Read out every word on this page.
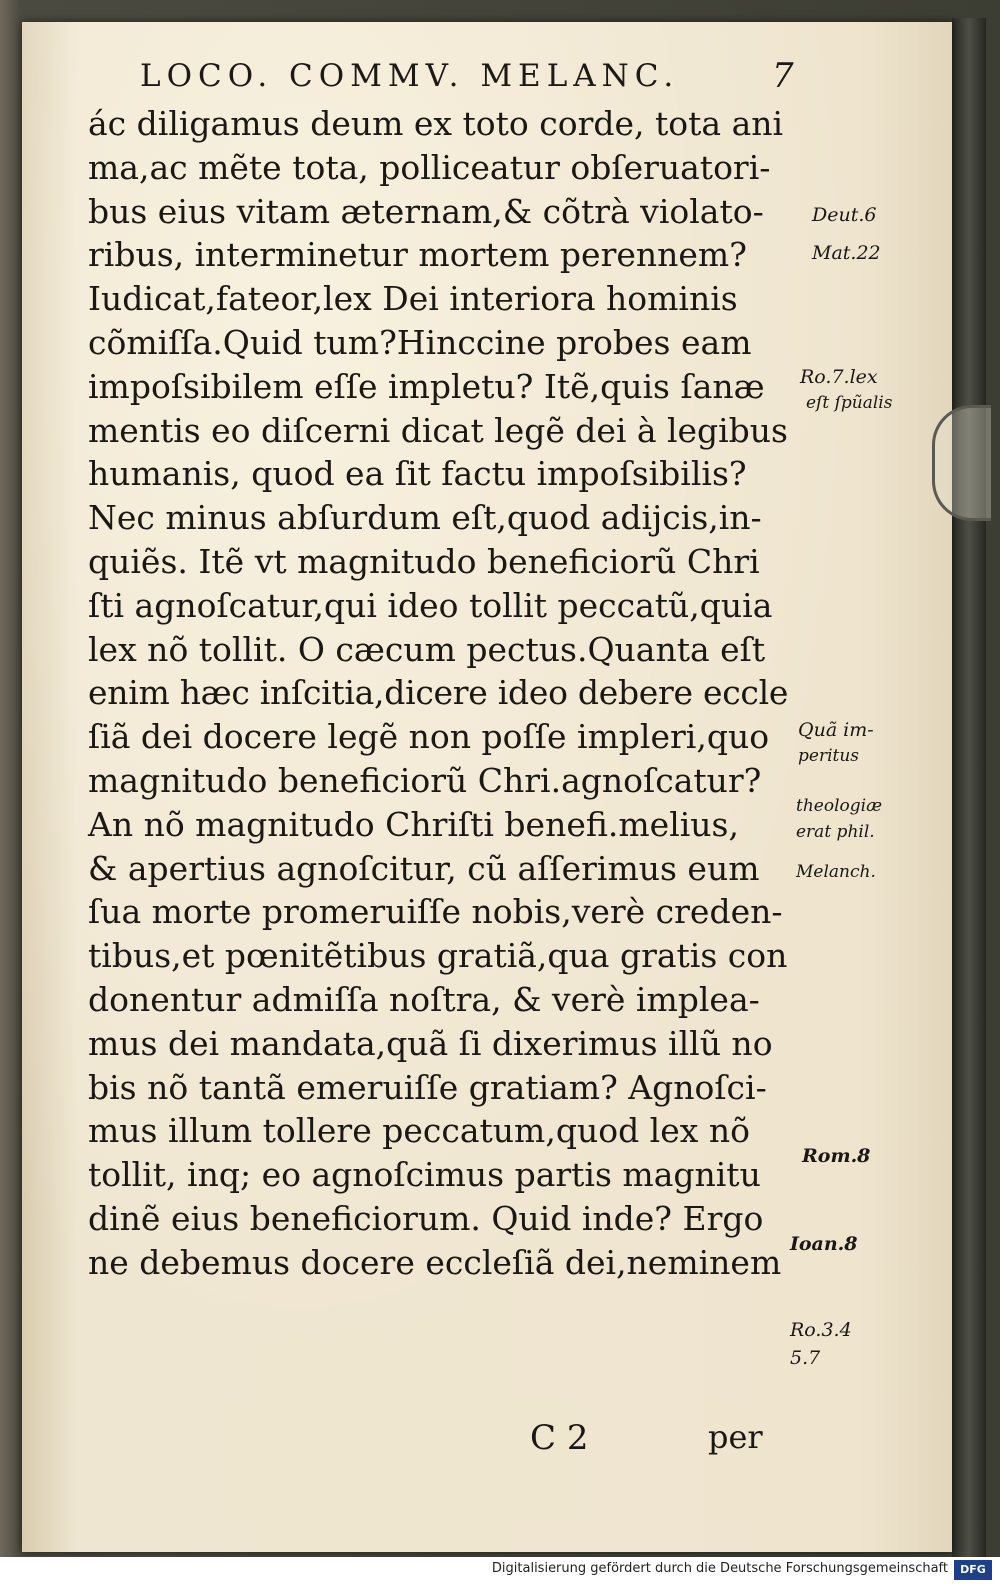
LOCO. COMMV. MELANC.	7
ác diligamus deum ex toto corde, tota ani
ma,ac mẽte tota, polliceatur obſeruatori-
bus eius vitam æternam,& cõtrà violato-
ribus, interminetur mortem perennem?
Iudicat,fateor,lex Dei interiora hominis
cõmiſſa.Quid tum?Hinccine probes eam
impoſsibilem eſſe impletu? Itẽ,quis ſanæ
mentis eo diſcerni dicat legẽ dei à legibus
humanis, quod ea ſit factu impoſsibilis?
Nec minus abſurdum eſt,quod adijcis,in-
quiẽs. Itẽ vt magnitudo beneficiorũ Chri
ſti agnoſcatur,qui ideo tollit peccatũ,quia
lex nõ tollit. O cæcum pectus.Quanta eſt
enim hæc inſcitia,dicere ideo debere eccle
ſiã dei docere legẽ non poſſe impleri,quo
magnitudo beneficiorũ Chri.agnoſcatur?
An nõ magnitudo Chriſti benefi.melius,
& apertius agnoſcitur, cũ aſſerimus eum
ſua morte promeruiſſe nobis,verè creden-
tibus,et pœnitẽtibus gratiã,qua gratis con
donentur admiſſa noſtra, & verè implea-
mus dei mandata,quã ſi dixerimus illũ no
bis nõ tantã emeruiſſe gratiam? Agnoſci-
mus illum tollere peccatum,quod lex nõ
tollit, inq; eo agnoſcimus partis magnitu
dinẽ eius beneficiorum. Quid inde? Ergo
ne debemus docere eccleſiã dei,neminem
Deut.6
Mat.22
Ro.7.lex
eſt ſpũalis
Quã im-
peritus
theologiæ
erat phil.
Melanch.
Rom.8
Ioan.8
Ro.3.4
5.7
C 2	per
Digitalisierung gefördert durch die Deutsche Forschungsgemeinschaft	DFG
